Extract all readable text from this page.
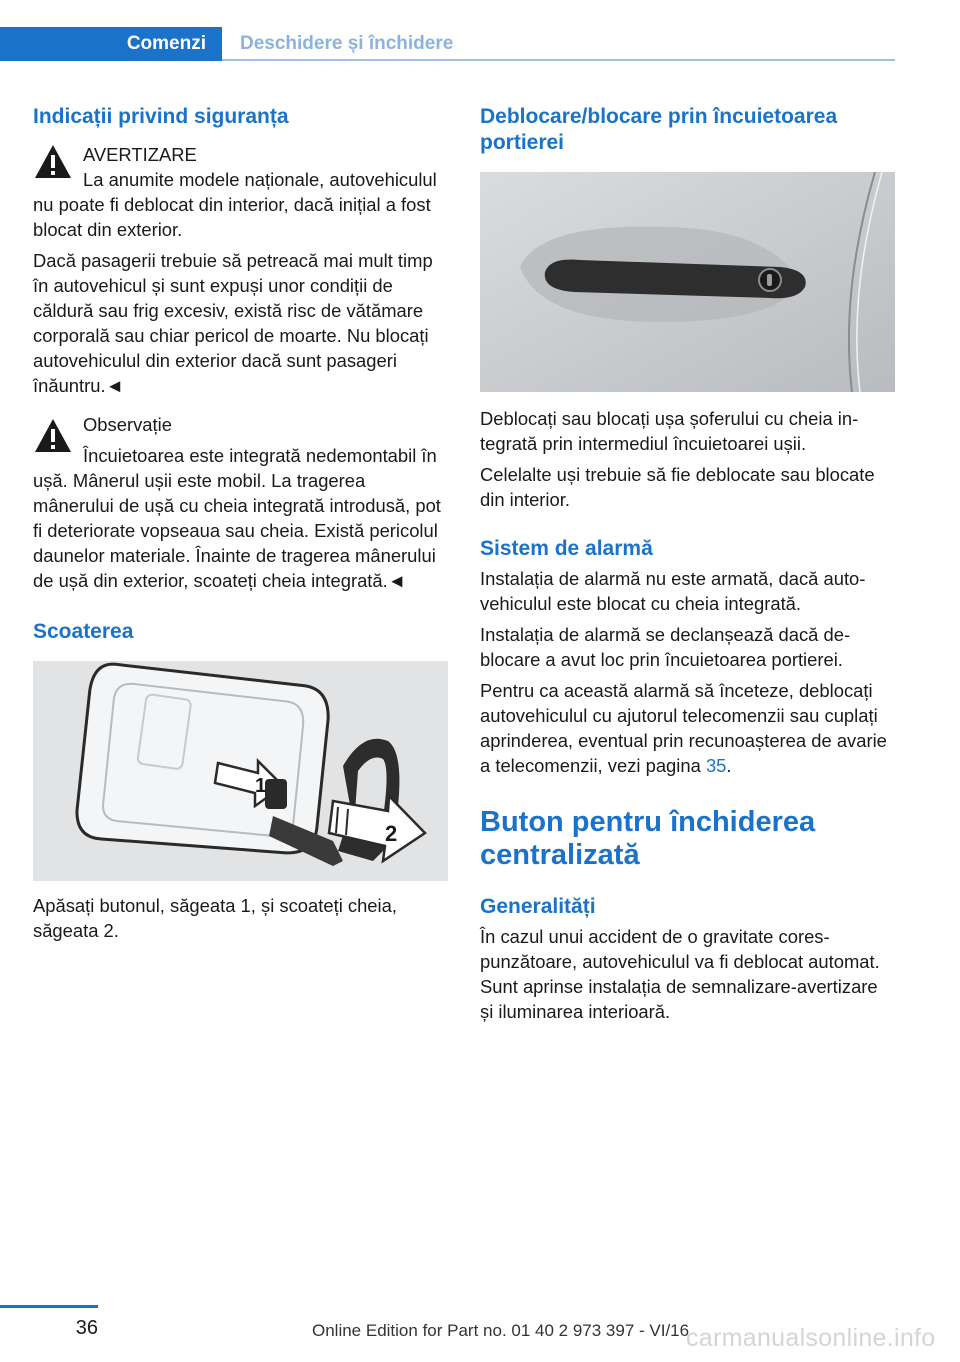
Comenzi	Deschidere și închidere
Indicații privind siguranța

AVERTIZARE

La anumite modele naționale, autovehiculul nu poate fi deblocat din interior, dacă inițial a fost blocat din exterior.

Dacă pasagerii trebuie să petreacă mai mult timp în autovehicul și sunt expuși unor condiții de căldură sau frig excesiv, există risc de vătămare corporală sau chiar pericol de moarte. Nu blocați autovehiculul din exterior dacă sunt pasageri înăuntru.◄

Observație

Încuietoarea este integrată nedemontabil în ușă. Mânerul ușii este mobil. La tragerea mânerului de ușă cu cheia integrată introdusă, pot fi deteriorate vopseaua sau cheia. Există pericolul daunelor materiale. Înainte de tragerea mânerului de ușă din exterior, scoateți cheia integrată.◄

Scoaterea
1
2

Apăsați butonul, săgeata 1, și scoateți cheia, săgeata 2.

Deblocare/blocare prin încuietoarea portierei

Deblocați sau blocați ușa șoferului cu cheia integrată prin intermediul încuietoarei ușii.

Celelalte uși trebuie să fie deblocate sau blocate din interior.

Sistem de alarmă

Instalația de alarmă nu este armată, dacă autovehiculul este blocat cu cheia integrată.

Instalația de alarmă se declanșează dacă deblocare a avut loc prin încuietoarea portierei.

Pentru ca această alarmă să înceteze, deblocați autovehiculul cu ajutorul telecomenzii sau cuplați aprinderea, eventual prin recunoașterea de avarie a telecomenzii, vezi pagina 35.

Buton pentru închiderea centralizată
Generalități

În cazul unui accident de o gravitate corespunzătoare, autovehiculul va fi deblocat automat. Sunt aprinse instalația de semnalizare-avertizare și iluminarea interioară.

36	Online Edition for Part no. 01 40 2 973 397 - VI/16
carmanualsonline.info
